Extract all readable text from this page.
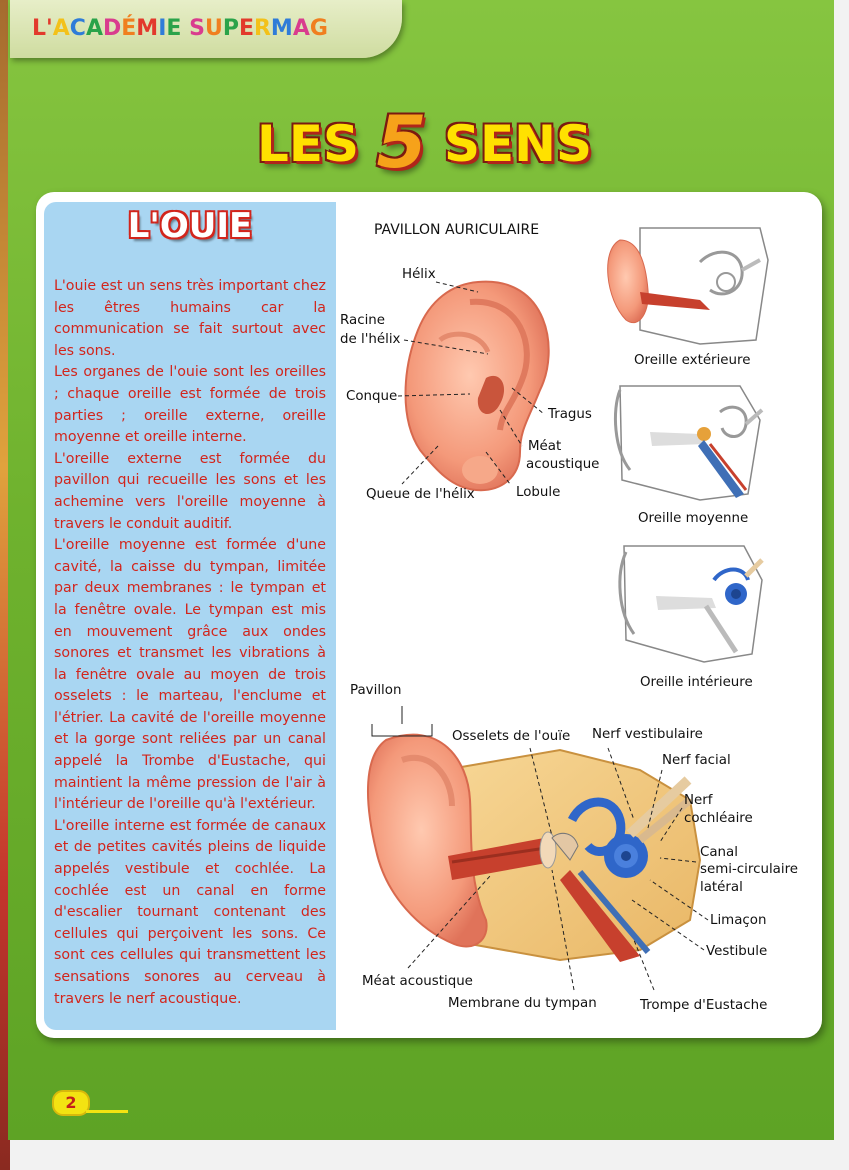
L'ACADÉMIE SUPERMAG
LES 5 SENS
L'OUIE

L'ouie est un sens très important chez les êtres humains car la communication se fait surtout avec les sons.

Les organes de l'ouie sont les oreilles ; chaque oreille est formée de trois parties ; oreille externe, oreille moyenne et oreille interne.

L'oreille externe est formée du pavillon qui recueille les sons et les achemine vers l'oreille moyenne à travers le conduit auditif.

L'oreille moyenne est formée d'une cavité, la caisse du tympan, limitée par deux membranes : le tympan et la fenêtre ovale. Le tympan est mis en mouvement grâce aux ondes sonores et transmet les vibrations à la fenêtre ovale au moyen de trois osselets : le marteau, l'enclume et l'étrier. La cavité de l'oreille moyenne et la gorge sont reliées par un canal appelé la Trombe d'Eustache, qui maintient la même pression de l'air à l'intérieur de l'oreille qu'à l'extérieur.

L'oreille interne est formée de canaux et de petites cavités pleins de liquide appelés vestibule et cochlée. La cochlée est un canal en forme d'escalier tournant contenant des cellules qui perçoivent les sons. Ce sont ces cellules qui transmettent les sensations sonores au cerveau à travers le nerf acoustique.

PAVILLON AURICULAIRE
Hélix
Racine
de l'hélix
Conque
Tragus
Méat
acoustique
Queue de l'hélix	Lobule
Oreille extérieure
Oreille moyenne
Oreille intérieure
Pavillon
Osselets de l'ouïe Nerf vestibulaire
Nerf facial
Nerf
cochléaire
Canal
semi-circulaire
latéral
Limaçon
Vestibule
Méat acoustique
Membrane du tympan	Trompe d'Eustache
2
